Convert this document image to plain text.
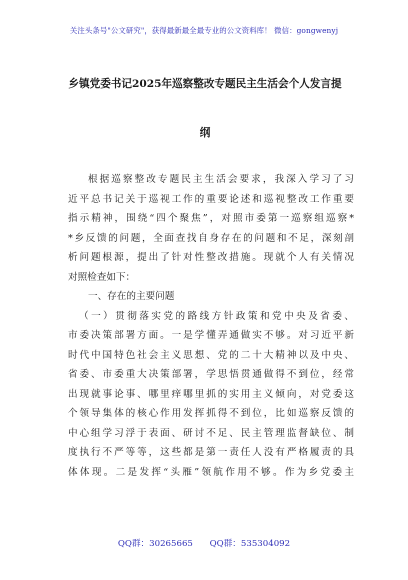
关注头条号"公文研究"，获得最新最全最专业的公文资料库！ 微信：gongwenyj
乡镇党委书记2025年巡察整改专题民主生活会个人发言提
纲
根据巡察整改专题民主生活会要求，我深入学习了习
近平总书记关于巡视工作的重要论述和巡视整改工作重要
指示精神，围绕“四个聚焦”，对照市委第一巡察组巡察*
*乡反馈的问题，全面查找自身存在的问题和不足，深刻剖
析问题根源，提出了针对性整改措施。现就个人有关情况
对照检查如下：
一、存在的主要问题
（一）贯彻落实党的路线方针政策和党中央及省委、
市委决策部署方面。一是学懂弄通做实不够。对习近平新
时代中国特色社会主义思想、党的二十大精神以及中央、
省委、市委重大决策部署，学思悟贯通做得不到位，经常
出现就事论事、哪里痒哪里抓的实用主义倾向，对党委这
个领导集体的核心作用发挥抓得不到位，比如巡察反馈的
中心组学习浮于表面、研讨不足、民主管理监督缺位、制
度执行不严等等，这些都是第一责任人没有严格履责的具
体体现。二是发挥“头雁”领航作用不够。作为乡党委主
QQ群：30265665 QQ群：535304092
